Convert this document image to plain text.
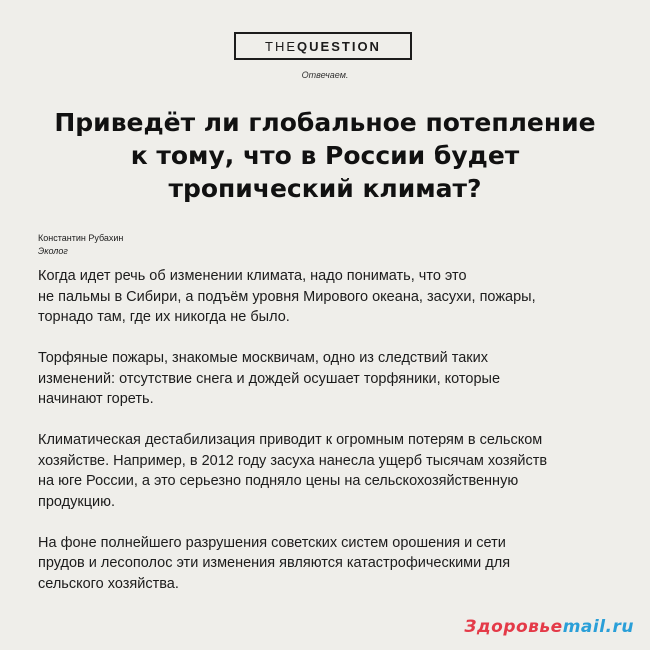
THE QUESTION
Отвечаем.
Приведёт ли глобальное потепление
к тому, что в России будет
тропический климат?
Константин Рубахин
Эколог

Когда идет речь об изменении климата, надо понимать, что это
не пальмы в Сибири, а подъём уровня Мирового океана, засухи, пожары,
торнадо там, где их никогда не было.

Торфяные пожары, знакомые москвичам, одно из следствий таких
изменений: отсутствие снега и дождей осушает торфяники, которые
начинают гореть.

Климатическая дестабилизация приводит к огромным потерям в сельском
хозяйстве. Например, в 2012 году засуха нанесла ущерб тысячам хозяйств
на юге России, а это серьезно подняло цены на сельскохозяйственную
продукцию.

На фоне полнейшего разрушения советских систем орошения и сети
прудов и лесополос эти изменения являются катастрофическими для
сельского хозяйства.

Здоровье mail.ru
